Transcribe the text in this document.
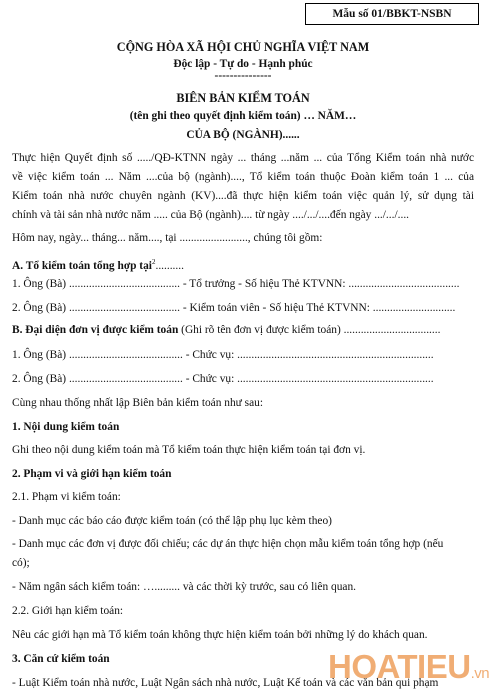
Mẫu số 01/BBKT-NSBN
CỘNG HÒA XÃ HỘI CHỦ NGHĨA VIỆT NAM
Độc lập - Tự do - Hạnh phúc
---------------
BIÊN BẢN KIỂM TOÁN
(tên ghi theo quyết định kiểm toán) … NĂM…
CỦA BỘ (NGÀNH)......
Thực hiện Quyết định số ...../QĐ-KTNN ngày ... tháng ...năm ... của Tổng Kiểm toán nhà nước
về việc kiểm toán ... Năm ....của bộ (ngành)...., Tổ kiểm toán thuộc Đoàn kiểm toán 1 ... của
Kiểm toán nhà nước chuyên ngành (KV)....đã thực hiện kiểm toán việc quản lý, sử dụng tài
chính và tài sản nhà nước năm ..... của Bộ (ngành).... từ ngày ..../.../....đến ngày .../.../....
Hôm nay, ngày... tháng... năm...., tại ........................, chúng tôi gồm:
A. Tổ kiểm toán tổng hợp tại$^2$..........
1. Ông (Bà) ....................................... - Tổ trưởng - Số hiệu Thẻ KTVNN: .......................................
2. Ông (Bà) ....................................... - Kiểm toán viên - Số hiệu Thẻ KTVNN: .............................
B. Đại diện đơn vị được kiểm toán (Ghi rõ tên đơn vị được kiểm toán) ..................................
1. Ông (Bà) ........................................ - Chức vụ: .....................................................................
2. Ông (Bà) ........................................ - Chức vụ: .....................................................................
Cùng nhau thống nhất lập Biên bản kiểm toán như sau:
1. Nội dung kiểm toán
Ghi theo nội dung kiểm toán mà Tổ kiểm toán thực hiện kiểm toán tại đơn vị.
2. Phạm vi và giới hạn kiểm toán
2.1. Phạm vi kiểm toán:
- Danh mục các báo cáo được kiểm toán (có thể lập phụ lục kèm theo)
- Danh mục các đơn vị được đối chiếu; các dự án thực hiện chọn mẫu kiểm toán tổng hợp (nếu
có);
- Năm ngân sách kiểm toán: …......... và các thời kỳ trước, sau có liên quan.
2.2. Giới hạn kiểm toán:
Nêu các giới hạn mà Tổ kiểm toán không thực hiện kiểm toán bởi những lý do khách quan.
3. Căn cứ kiểm toán
- Luật Kiểm toán nhà nước, Luật Ngân sách nhà nước, Luật Kế toán và các văn bản qui phạm
HOATIEU.vn
